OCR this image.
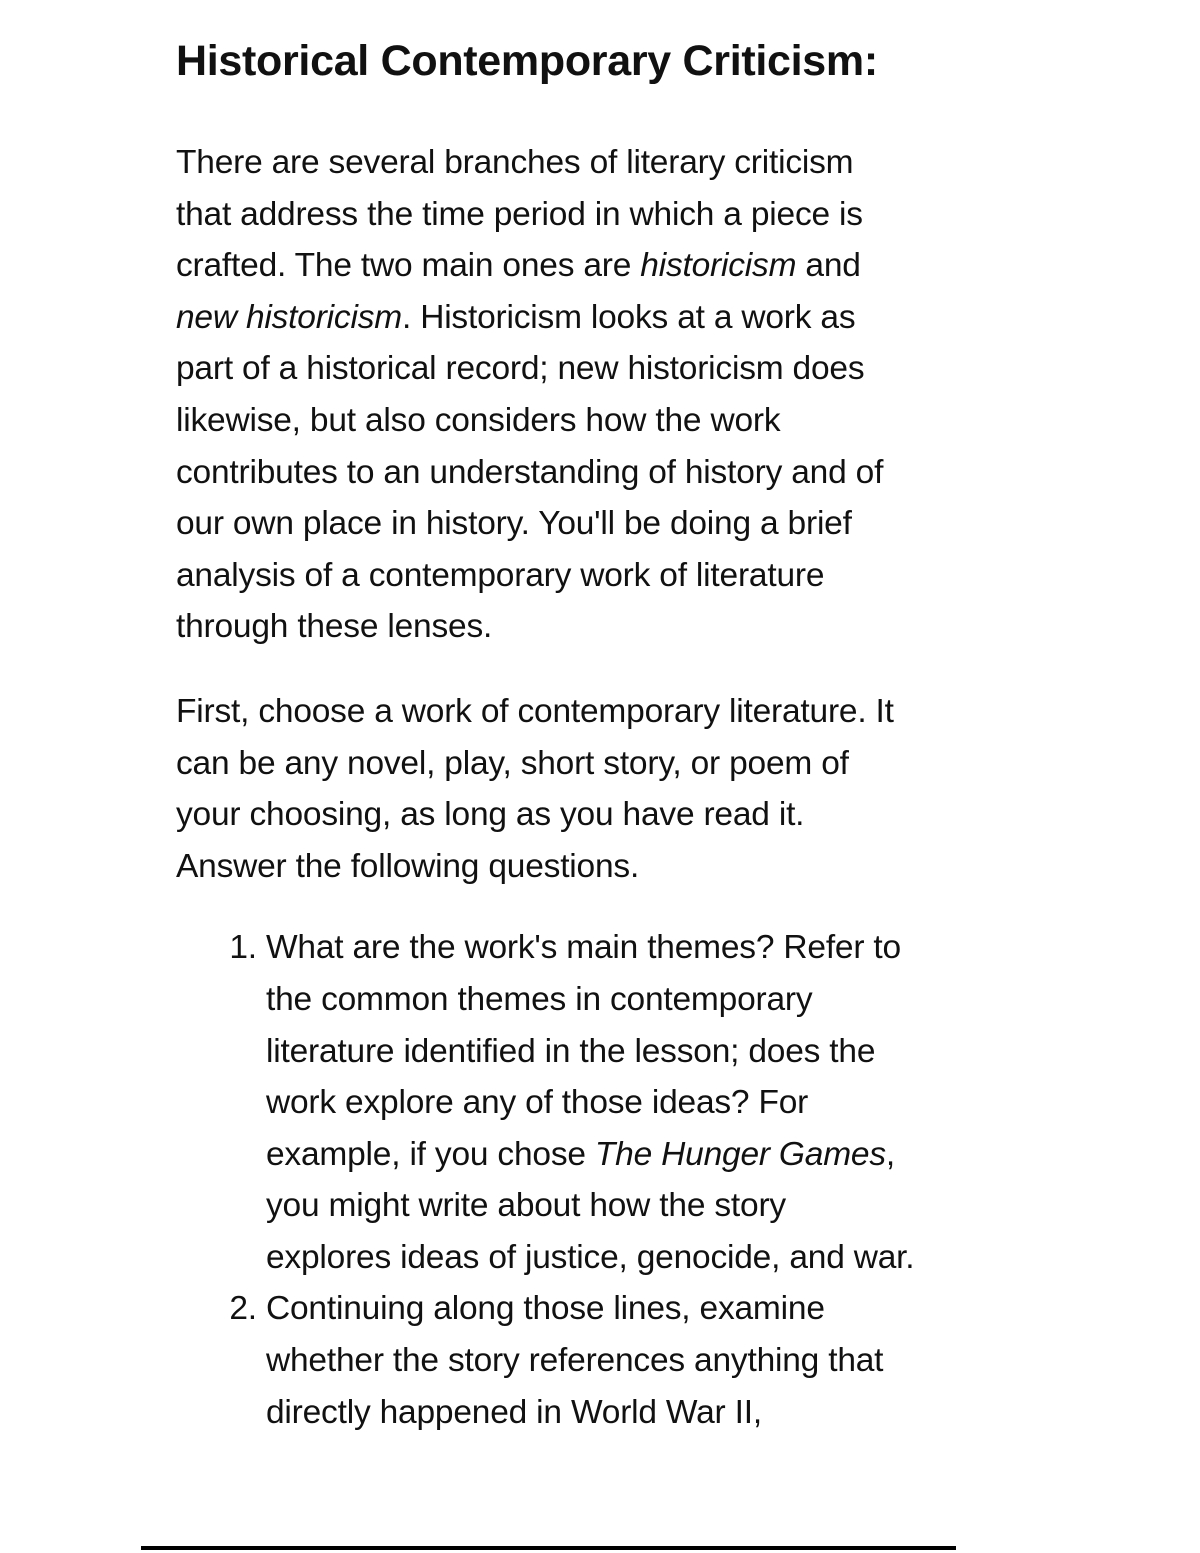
Historical Contemporary Criticism:

There are several branches of literary criticism that address the time period in which a piece is crafted. The two main ones are historicism and new historicism. Historicism looks at a work as part of a historical record; new historicism does likewise, but also considers how the work contributes to an understanding of history and of our own place in history. You'll be doing a brief analysis of a contemporary work of literature through these lenses.

First, choose a work of contemporary literature. It can be any novel, play, short story, or poem of your choosing, as long as you have read it. Answer the following questions.

1. What are the work's main themes? Refer to the common themes in contemporary literature identified in the lesson; does the work explore any of those ideas? For example, if you chose The Hunger Games, you might write about how the story explores ideas of justice, genocide, and war.
2. Continuing along those lines, examine whether the story references anything that directly happened in World War II,
